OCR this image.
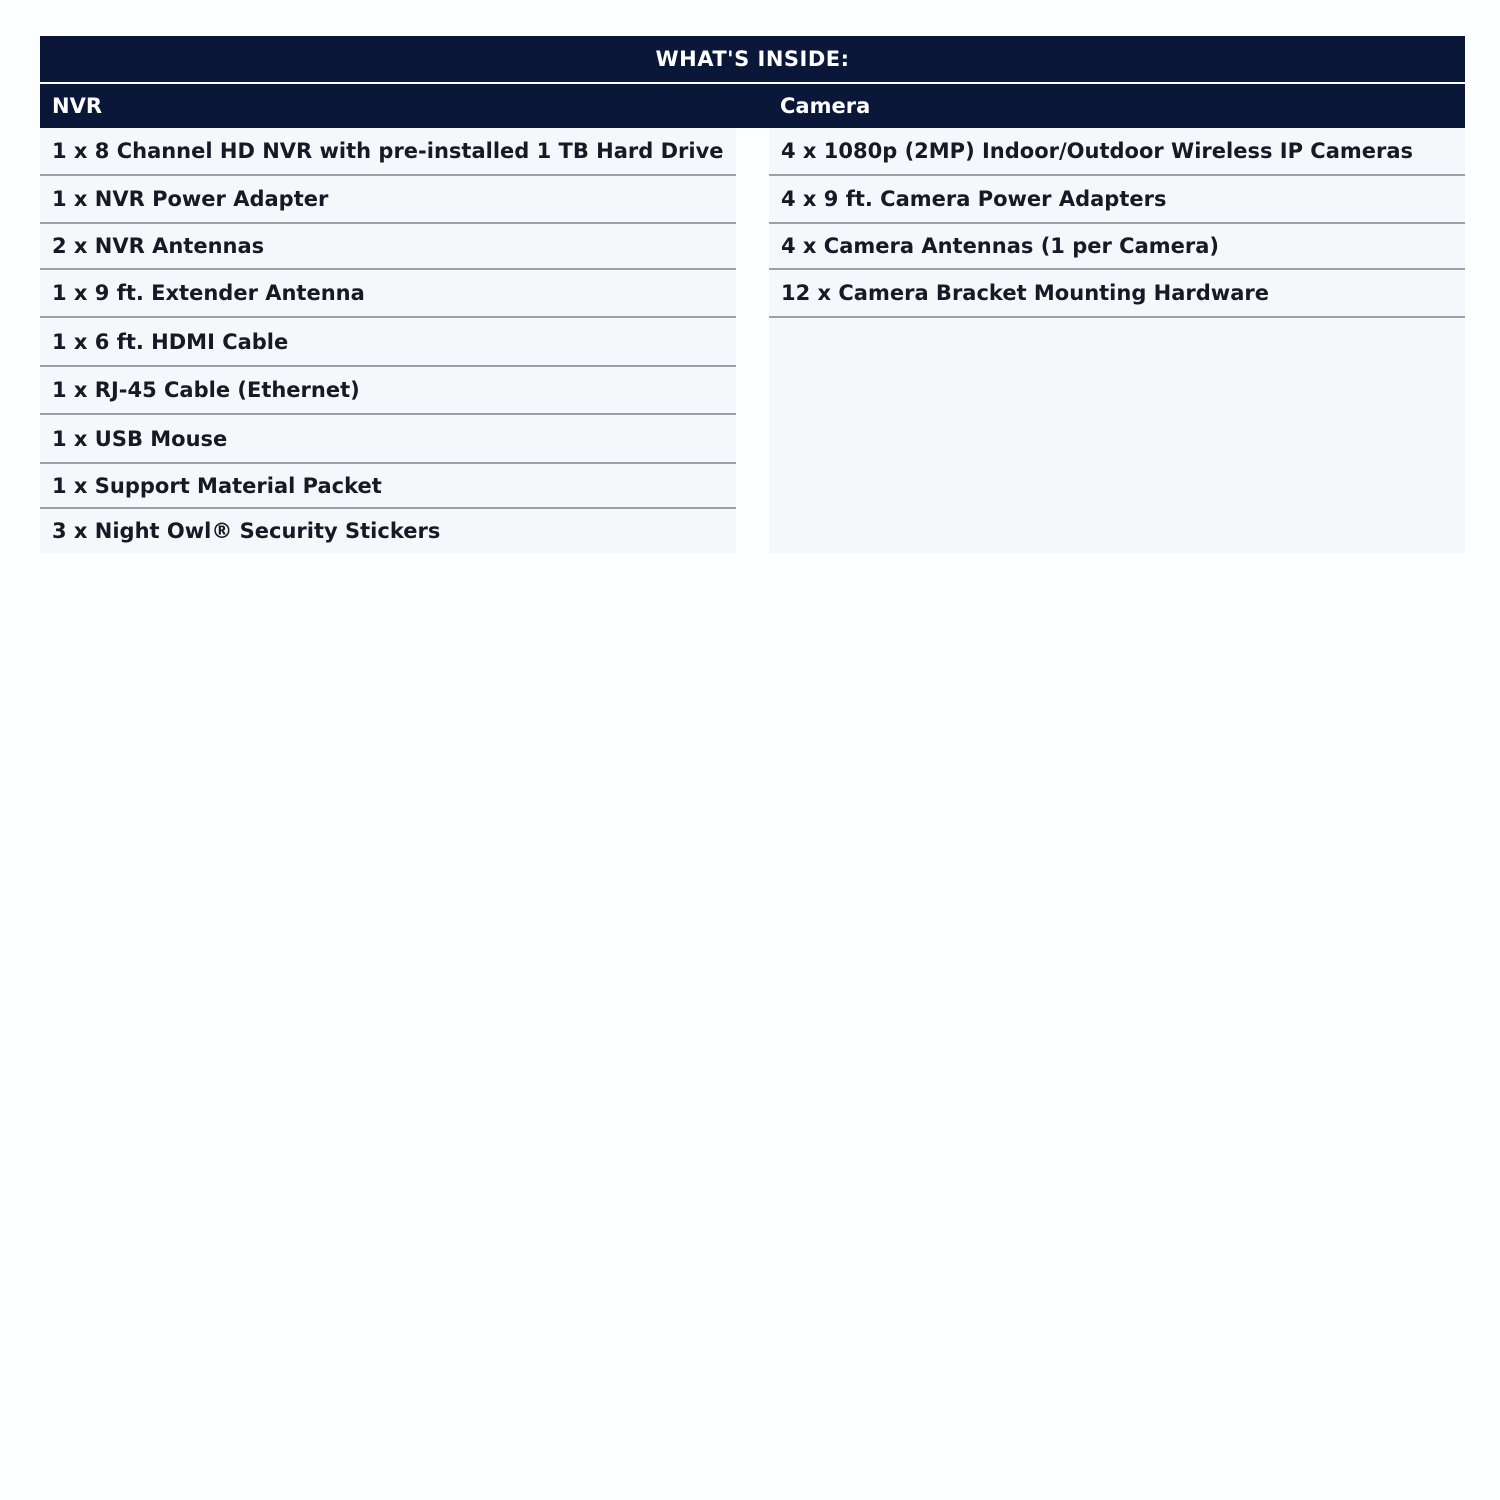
WHAT'S INSIDE:
NVR	Camera
1 x 8 Channel HD NVR with pre-installed 1 TB Hard Drive
1 x NVR Power Adapter
2 x NVR Antennas
1 x 9 ft. Extender Antenna
1 x 6 ft. HDMI Cable
1 x RJ-45 Cable (Ethernet)
1 x USB Mouse
1 x Support Material Packet
3 x Night Owl® Security Stickers
4 x 1080p (2MP) Indoor/Outdoor Wireless IP Cameras
4 x 9 ft. Camera Power Adapters
4 x Camera Antennas (1 per Camera)
12 x Camera Bracket Mounting Hardware
